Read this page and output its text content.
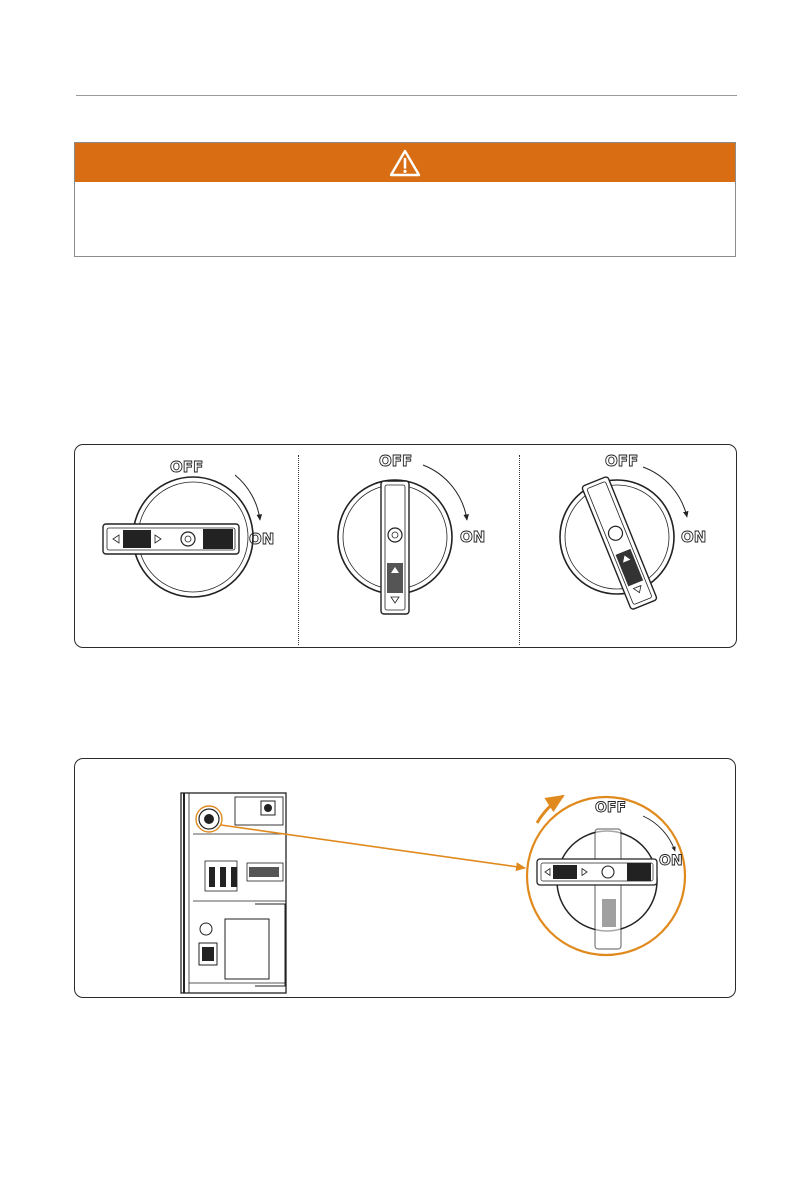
OFF
ON
OFF
ON
OFF
ON
OFF
ON
